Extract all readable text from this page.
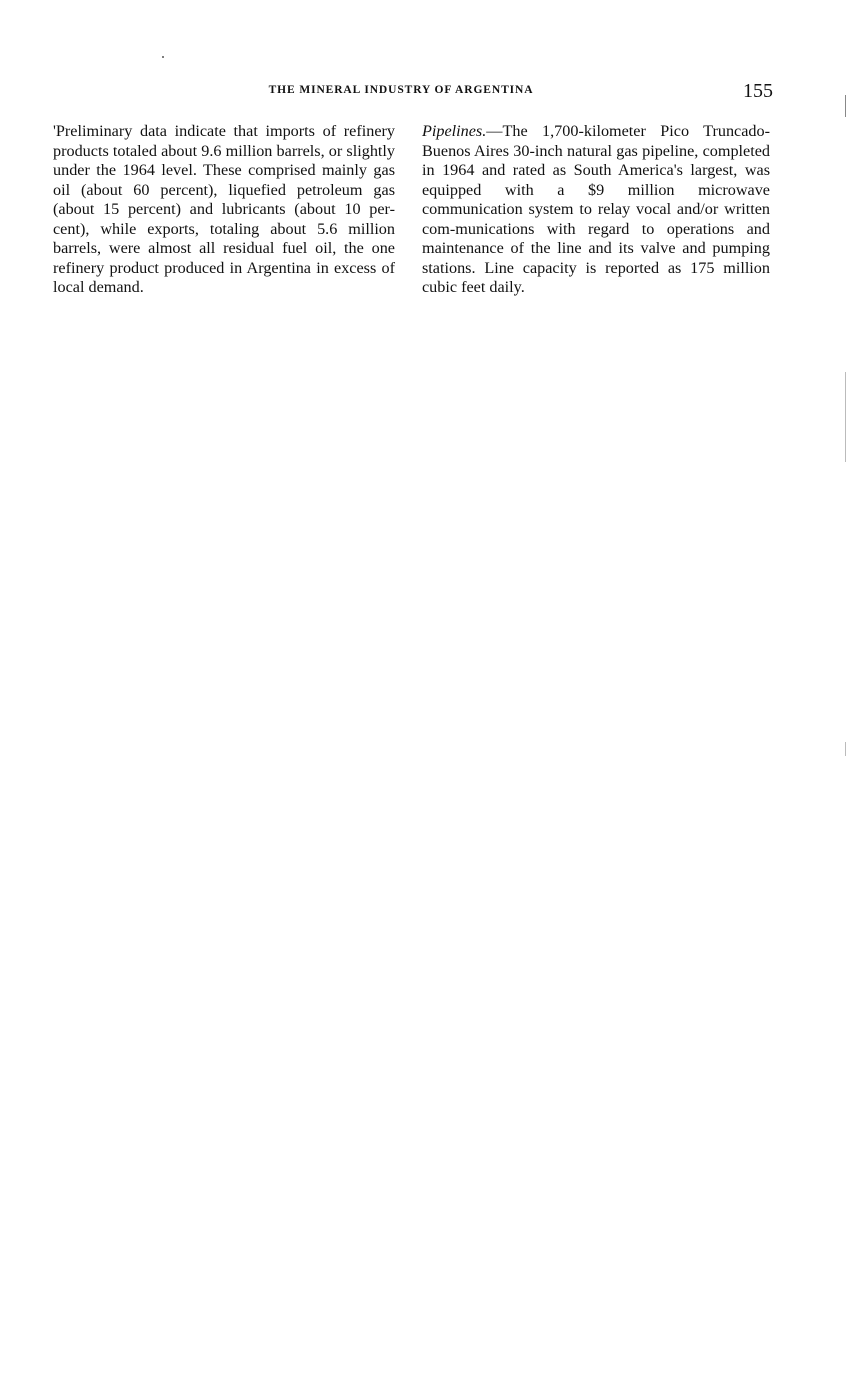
THE MINERAL INDUSTRY OF ARGENTINA	155

'Preliminary data indicate that imports of refinery products totaled about 9.6 million barrels, or slightly under the 1964 level. These comprised mainly gas oil (about 60 percent), liquefied petroleum gas (about 15 percent) and lubricants (about 10 per-cent), while exports, totaling about 5.6 million barrels, were almost all residual fuel oil, the one refinery product produced in Argentina in excess of local demand.

Pipelines.—The 1,700-kilometer Pico Truncado-Buenos Aires 30-inch natural gas pipeline, completed in 1964 and rated as South America's largest, was equipped with a $9 million microwave communication system to relay vocal and/or written com-munications with regard to operations and maintenance of the line and its valve and pumping stations. Line capacity is reported as 175 million cubic feet daily.
